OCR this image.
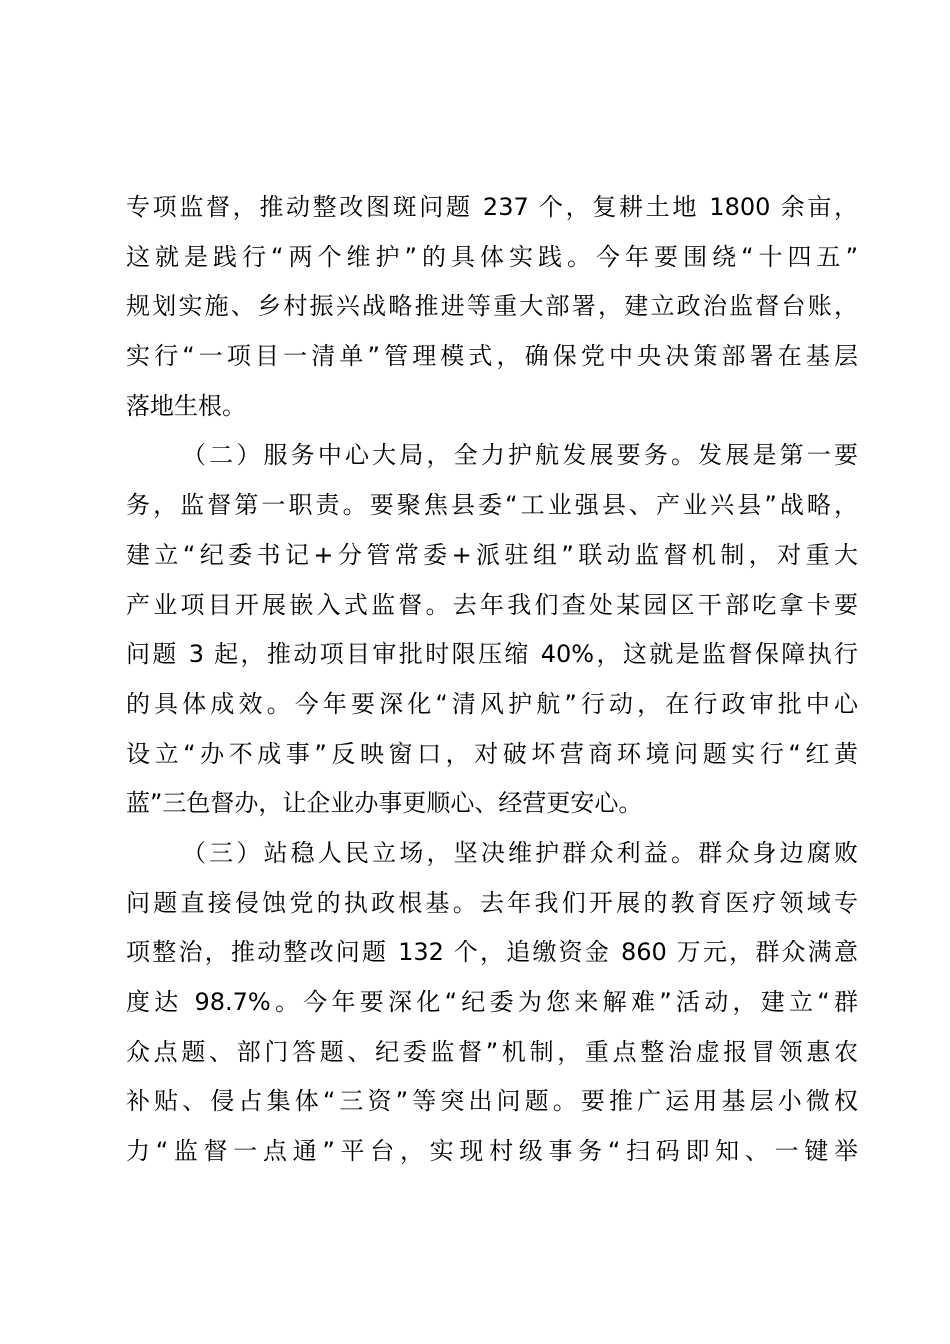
专项监督，推动整改图斑问题 237 个，复耕土地 1800 余亩，
这就是践行“两个维护”的具体实践。今年要围绕“十四五”
规划实施、乡村振兴战略推进等重大部署，建立政治监督台账，
实行“一项目一清单”管理模式，确保党中央决策部署在基层
落地生根。
（二）服务中心大局，全力护航发展要务。发展是第一要
务，监督第一职责。要聚焦县委“工业强县、产业兴县”战略，
建立“纪委书记+分管常委+派驻组”联动监督机制，对重大
产业项目开展嵌入式监督。去年我们查处某园区干部吃拿卡要
问题 3 起，推动项目审批时限压缩 40%，这就是监督保障执行
的具体成效。今年要深化“清风护航”行动，在行政审批中心
设立“办不成事”反映窗口，对破坏营商环境问题实行“红黄
蓝”三色督办，让企业办事更顺心、经营更安心。
（三）站稳人民立场，坚决维护群众利益。群众身边腐败
问题直接侵蚀党的执政根基。去年我们开展的教育医疗领域专
项整治，推动整改问题 132 个，追缴资金 860 万元，群众满意
度达 98.7%。今年要深化“纪委为您来解难”活动，建立“群
众点题、部门答题、纪委监督”机制，重点整治虚报冒领惠农
补贴、侵占集体“三资”等突出问题。要推广运用基层小微权
力“监督一点通”平台，实现村级事务“扫码即知、一键举
